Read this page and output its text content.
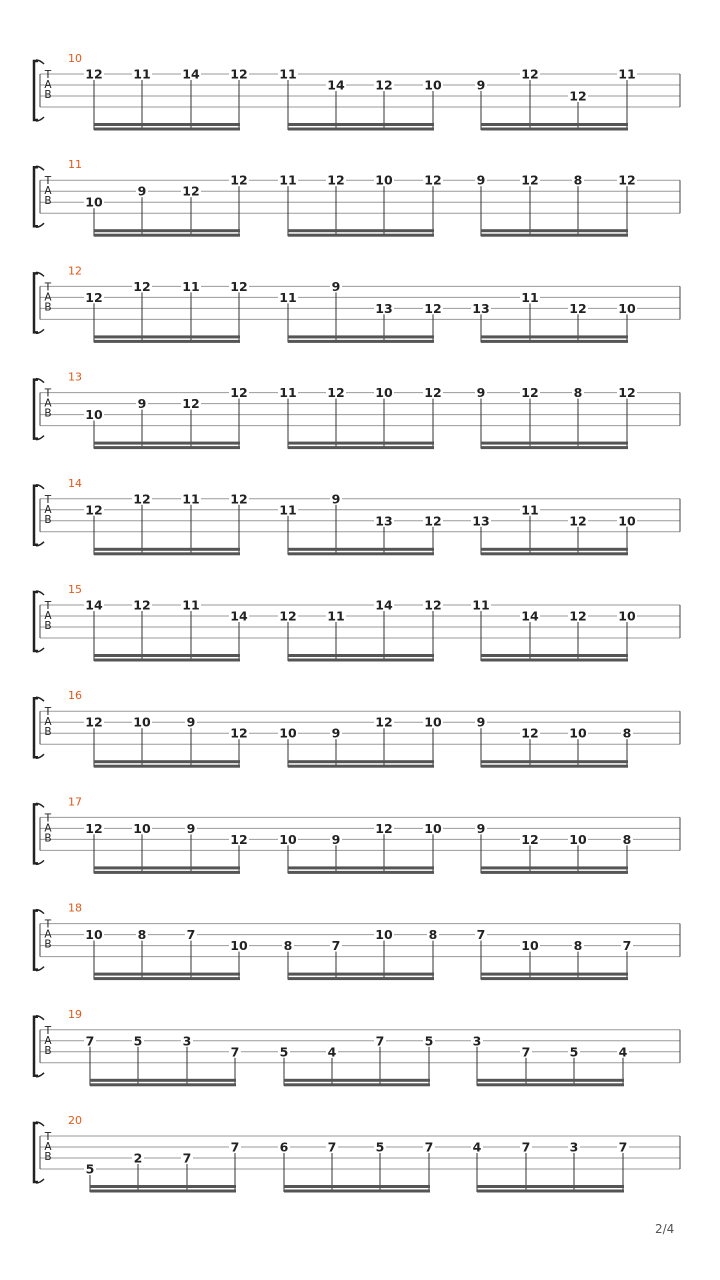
T
A
B
10
12 11	14 12	11
14 12	10	9
12
12
11
T
A
B
11
10
9	12
12	11 12 10	12	9	12	8	12
T
A
B
12
12
12	11 12
11
9
13	12 13
11
12	10
T
A
B
13
10
9	12
12	11 12 10	12	9	12	8	12
T
A
B
14
12
12	11 12
11
9
13	12 13
11
12	10
T
A
B
15
14 12	11
14	12 11
14	12 11
14 12	10
T
A
B
16
12 10	9
12	10	9
12	10	9
12 10	8
T
A
B
17
12 10	9
12	10	9
12	10	9
12 10	8
T
A
B
18
10	8	7
10	8	7
10	8	7
10	8	7
T
A
B
19
7	5	3
7	5	4
7	5	3
7	5	4
T
A
B
20
5
2	7
7	6	7	5	7	4	7	3	7
2/4
